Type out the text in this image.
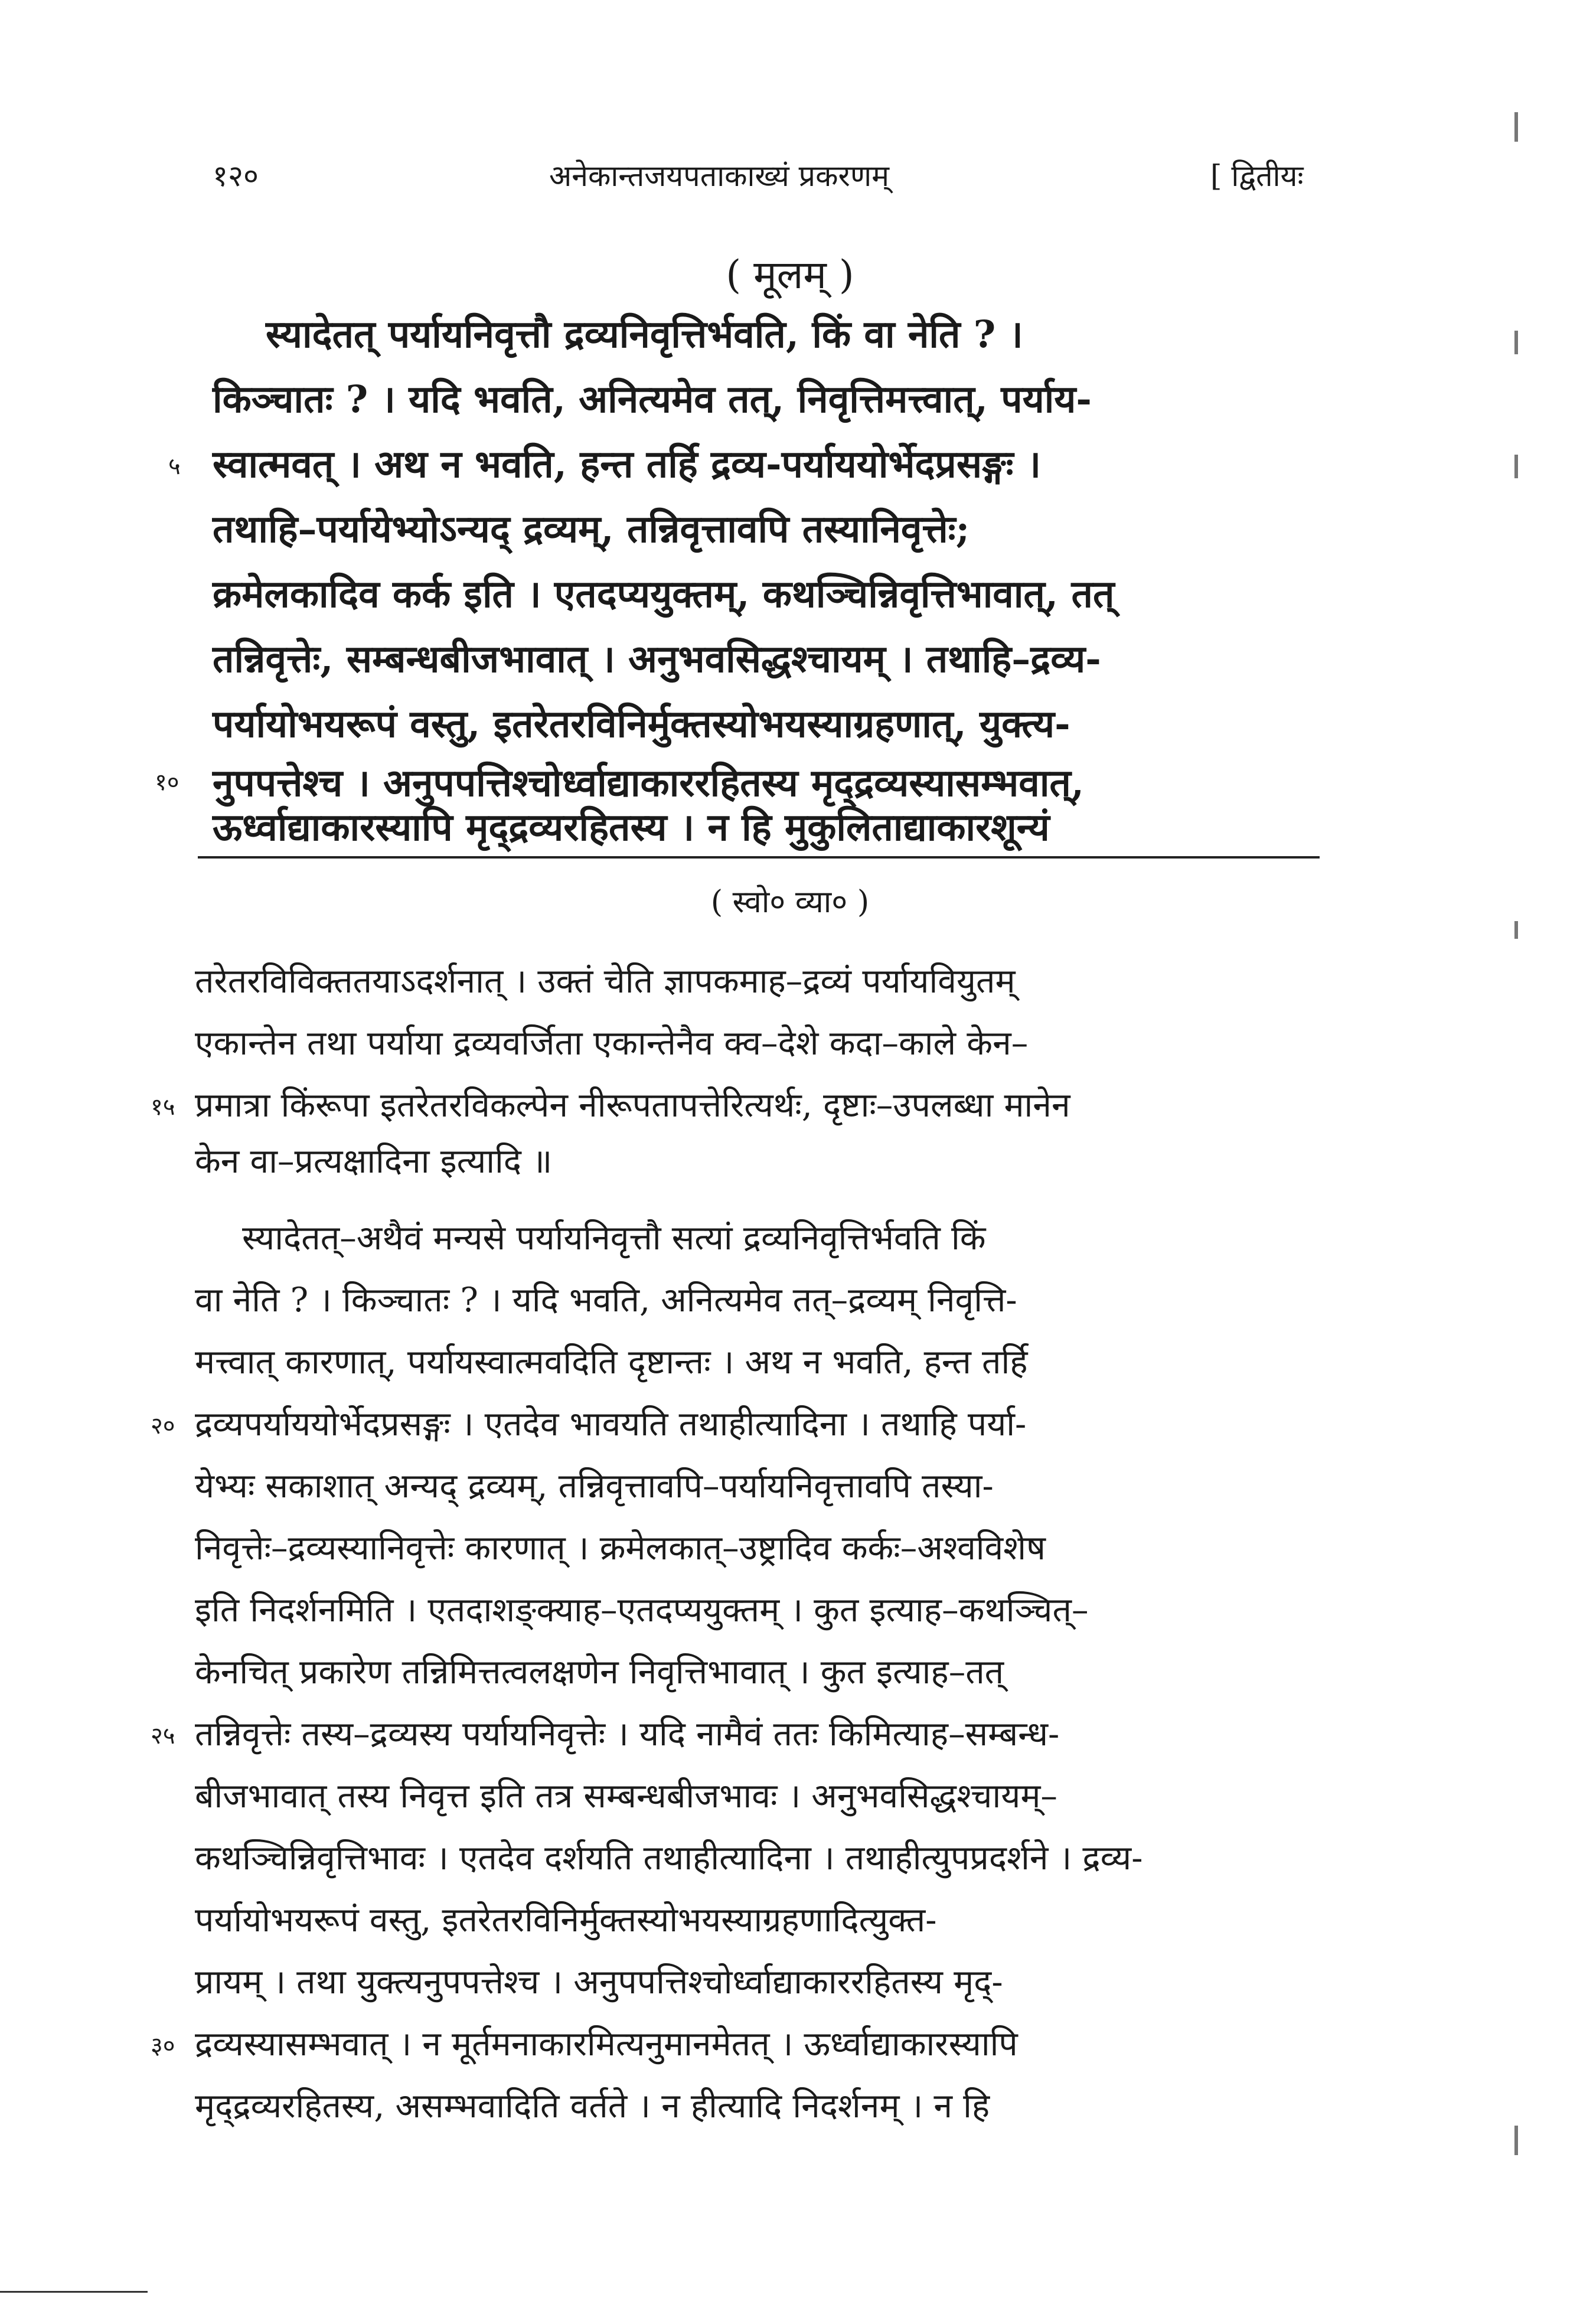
१२०	अनेकान्तजयपताकाख्यं प्रकरणम्	[ द्वितीयः
( मूलम् )
स्यादेतत् पर्यायनिवृत्तौ द्रव्यनिवृत्तिर्भवति, किं वा नेति ? ।
किञ्चातः ? । यदि भवति, अनित्यमेव तत्, निवृत्तिमत्त्वात्, पर्याय-
स्वात्मवत् । अथ न भवति, हन्त तर्हि द्रव्य-पर्याययोर्भेदप्रसङ्गः ।
तथाहि–पर्यायेभ्योऽन्यद् द्रव्यम्, तन्निवृत्तावपि तस्यानिवृत्तेः;
क्रमेलकादिव कर्क इति । एतदप्ययुक्तम्, कथञ्चिन्निवृत्तिभावात्, तत्
तन्निवृत्तेः, सम्बन्धबीजभावात् । अनुभवसिद्धश्चायम् । तथाहि–द्रव्य-
पर्यायोभयरूपं वस्तु, इतरेतरविनिर्मुक्तस्योभयस्याग्रहणात्, युक्त्य-
नुपपत्तेश्च । अनुपपत्तिश्चोर्ध्वाद्याकाररहितस्य मृद्द्रव्यस्यासम्भवात्,
ऊर्ध्वाद्याकारस्यापि मृद्द्रव्यरहितस्य । न हि मुकुलिताद्याकारशून्यं
५
१०
( स्वो० व्या० )
तरेतरविविक्ततयाऽदर्शनात् । उक्तं चेति ज्ञापकमाह–द्रव्यं पर्यायवियुतम्
एकान्तेन तथा पर्याया द्रव्यवर्जिता एकान्तेनैव क्व–देशे कदा–काले केन–
प्रमात्रा किंरूपा इतरेतरविकल्पेन नीरूपतापत्तेरित्यर्थः, दृष्टाः–उपलब्धा मानेन
केन वा–प्रत्यक्षादिना इत्यादि ॥
१५
स्यादेतत्–अथैवं मन्यसे पर्यायनिवृत्तौ सत्यां द्रव्यनिवृत्तिर्भवति किं
वा नेति ? । किञ्चातः ? । यदि भवति, अनित्यमेव तत्–द्रव्यम् निवृत्ति-
मत्त्वात् कारणात्, पर्यायस्वात्मवदिति दृष्टान्तः । अथ न भवति, हन्त तर्हि
द्रव्यपर्याययोर्भेदप्रसङ्गः । एतदेव भावयति तथाहीत्यादिना । तथाहि पर्या-
येभ्यः सकाशात् अन्यद् द्रव्यम्, तन्निवृत्तावपि–पर्यायनिवृत्तावपि तस्या-
निवृत्तेः–द्रव्यस्यानिवृत्तेः कारणात् । क्रमेलकात्–उष्ट्रादिव कर्कः–अश्वविशेष
इति निदर्शनमिति । एतदाशङ्क्याह–एतदप्ययुक्तम् । कुत इत्याह–कथञ्चित्–
केनचित् प्रकारेण तन्निमित्तत्वलक्षणेन निवृत्तिभावात् । कुत इत्याह–तत्
तन्निवृत्तेः तस्य–द्रव्यस्य पर्यायनिवृत्तेः । यदि नामैवं ततः किमित्याह–सम्बन्ध-
बीजभावात् तस्य निवृत्त इति तत्र सम्बन्धबीजभावः । अनुभवसिद्धश्चायम्–
कथञ्चिन्निवृत्तिभावः । एतदेव दर्शयति तथाहीत्यादिना । तथाहीत्युपप्रदर्शने । द्रव्य-
पर्यायोभयरूपं वस्तु, इतरेतरविनिर्मुक्तस्योभयस्याग्रहणादित्युक्त-
प्रायम् । तथा युक्त्यनुपपत्तेश्च । अनुपपत्तिश्चोर्ध्वाद्याकाररहितस्य मृद्-
द्रव्यस्यासम्भवात् । न मूर्तमनाकारमित्यनुमानमेतत् । ऊर्ध्वाद्याकारस्यापि
मृद्द्रव्यरहितस्य, असम्भवादिति वर्तते । न हीत्यादि निदर्शनम् । न हि
२०
२५
३०
